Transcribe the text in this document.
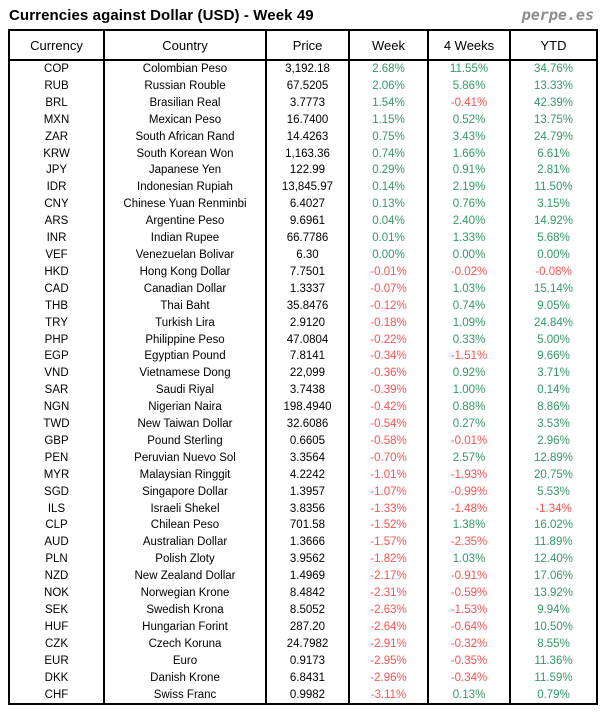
Currencies against Dollar (USD) - Week 49	perpe.es
Currency	Country	Price	Week	4 Weeks	YTD
COP	Colombian Peso	3,192.18	2.68%	11.55%	34.76%
RUB	Russian Rouble	67.5205	2.06%	5.86%	13.33%
BRL	Brasilian Real	3.7773	1.54%	-0.41%	42.39%
MXN	Mexican Peso	16.7400	1.15%	0.52%	13.75%
ZAR	South African Rand	14.4263	0.75%	3.43%	24.79%
KRW	South Korean Won	1,163.36	0.74%	1.66%	6.61%
JPY	Japanese Yen	122.99	0.29%	0.91%	2.81%
IDR	Indonesian Rupiah	13,845.97	0.14%	2.19%	11.50%
CNY	Chinese Yuan Renminbi	6.4027	0.13%	0.76%	3.15%
ARS	Argentine Peso	9.6961	0.04%	2.40%	14.92%
INR	Indian Rupee	66.7786	0.01%	1.33%	5.68%
VEF	Venezuelan Bolivar	6.30	0.00%	0.00%	0.00%
HKD	Hong Kong Dollar	7.7501	-0.01%	-0.02%	-0.08%
CAD	Canadian Dollar	1.3337	-0.07%	1.03%	15.14%
THB	Thai Baht	35.8476	-0.12%	0.74%	9.05%
TRY	Turkish Lira	2.9120	-0.18%	1.09%	24.84%
PHP	Philippine Peso	47.0804	-0.22%	0.33%	5.00%
EGP	Egyptian Pound	7.8141	-0.34%	-1.51%	9.66%
VND	Vietnamese Dong	22,099	-0.36%	0.92%	3.71%
SAR	Saudi Riyal	3.7438	-0.39%	1.00%	0.14%
NGN	Nigerian Naira	198.4940	-0.42%	0.88%	8.86%
TWD	New Taiwan Dollar	32.6086	-0.54%	0.27%	3.53%
GBP	Pound Sterling	0.6605	-0.58%	-0.01%	2.96%
PEN	Peruvian Nuevo Sol	3.3564	-0.70%	2.57%	12.89%
MYR	Malaysian Ringgit	4.2242	-1.01%	-1.93%	20.75%
SGD	Singapore Dollar	1.3957	-1.07%	-0.99%	5.53%
ILS	Israeli Shekel	3.8356	-1.33%	-1.48%	-1.34%
CLP	Chilean Peso	701.58	-1.52%	1.38%	16.02%
AUD	Australian Dollar	1.3666	-1.57%	-2.35%	11.89%
PLN	Polish Zloty	3.9562	-1.82%	1.03%	12.40%
NZD	New Zealand Dollar	1.4969	-2.17%	-0.91%	17.06%
NOK	Norwegian Krone	8.4842	-2.31%	-0.59%	13.92%
SEK	Swedish Krona	8.5052	-2.63%	-1.53%	9.94%
HUF	Hungarian Forint	287.20	-2.64%	-0.64%	10.50%
CZK	Czech Koruna	24.7982	-2.91%	-0.32%	8.55%
EUR	Euro	0.9173	-2.95%	-0.35%	11.36%
DKK	Danish Krone	6.8431	-2.96%	-0.34%	11.59%
CHF	Swiss Franc	0.9982	-3.11%	0.13%	0.79%
